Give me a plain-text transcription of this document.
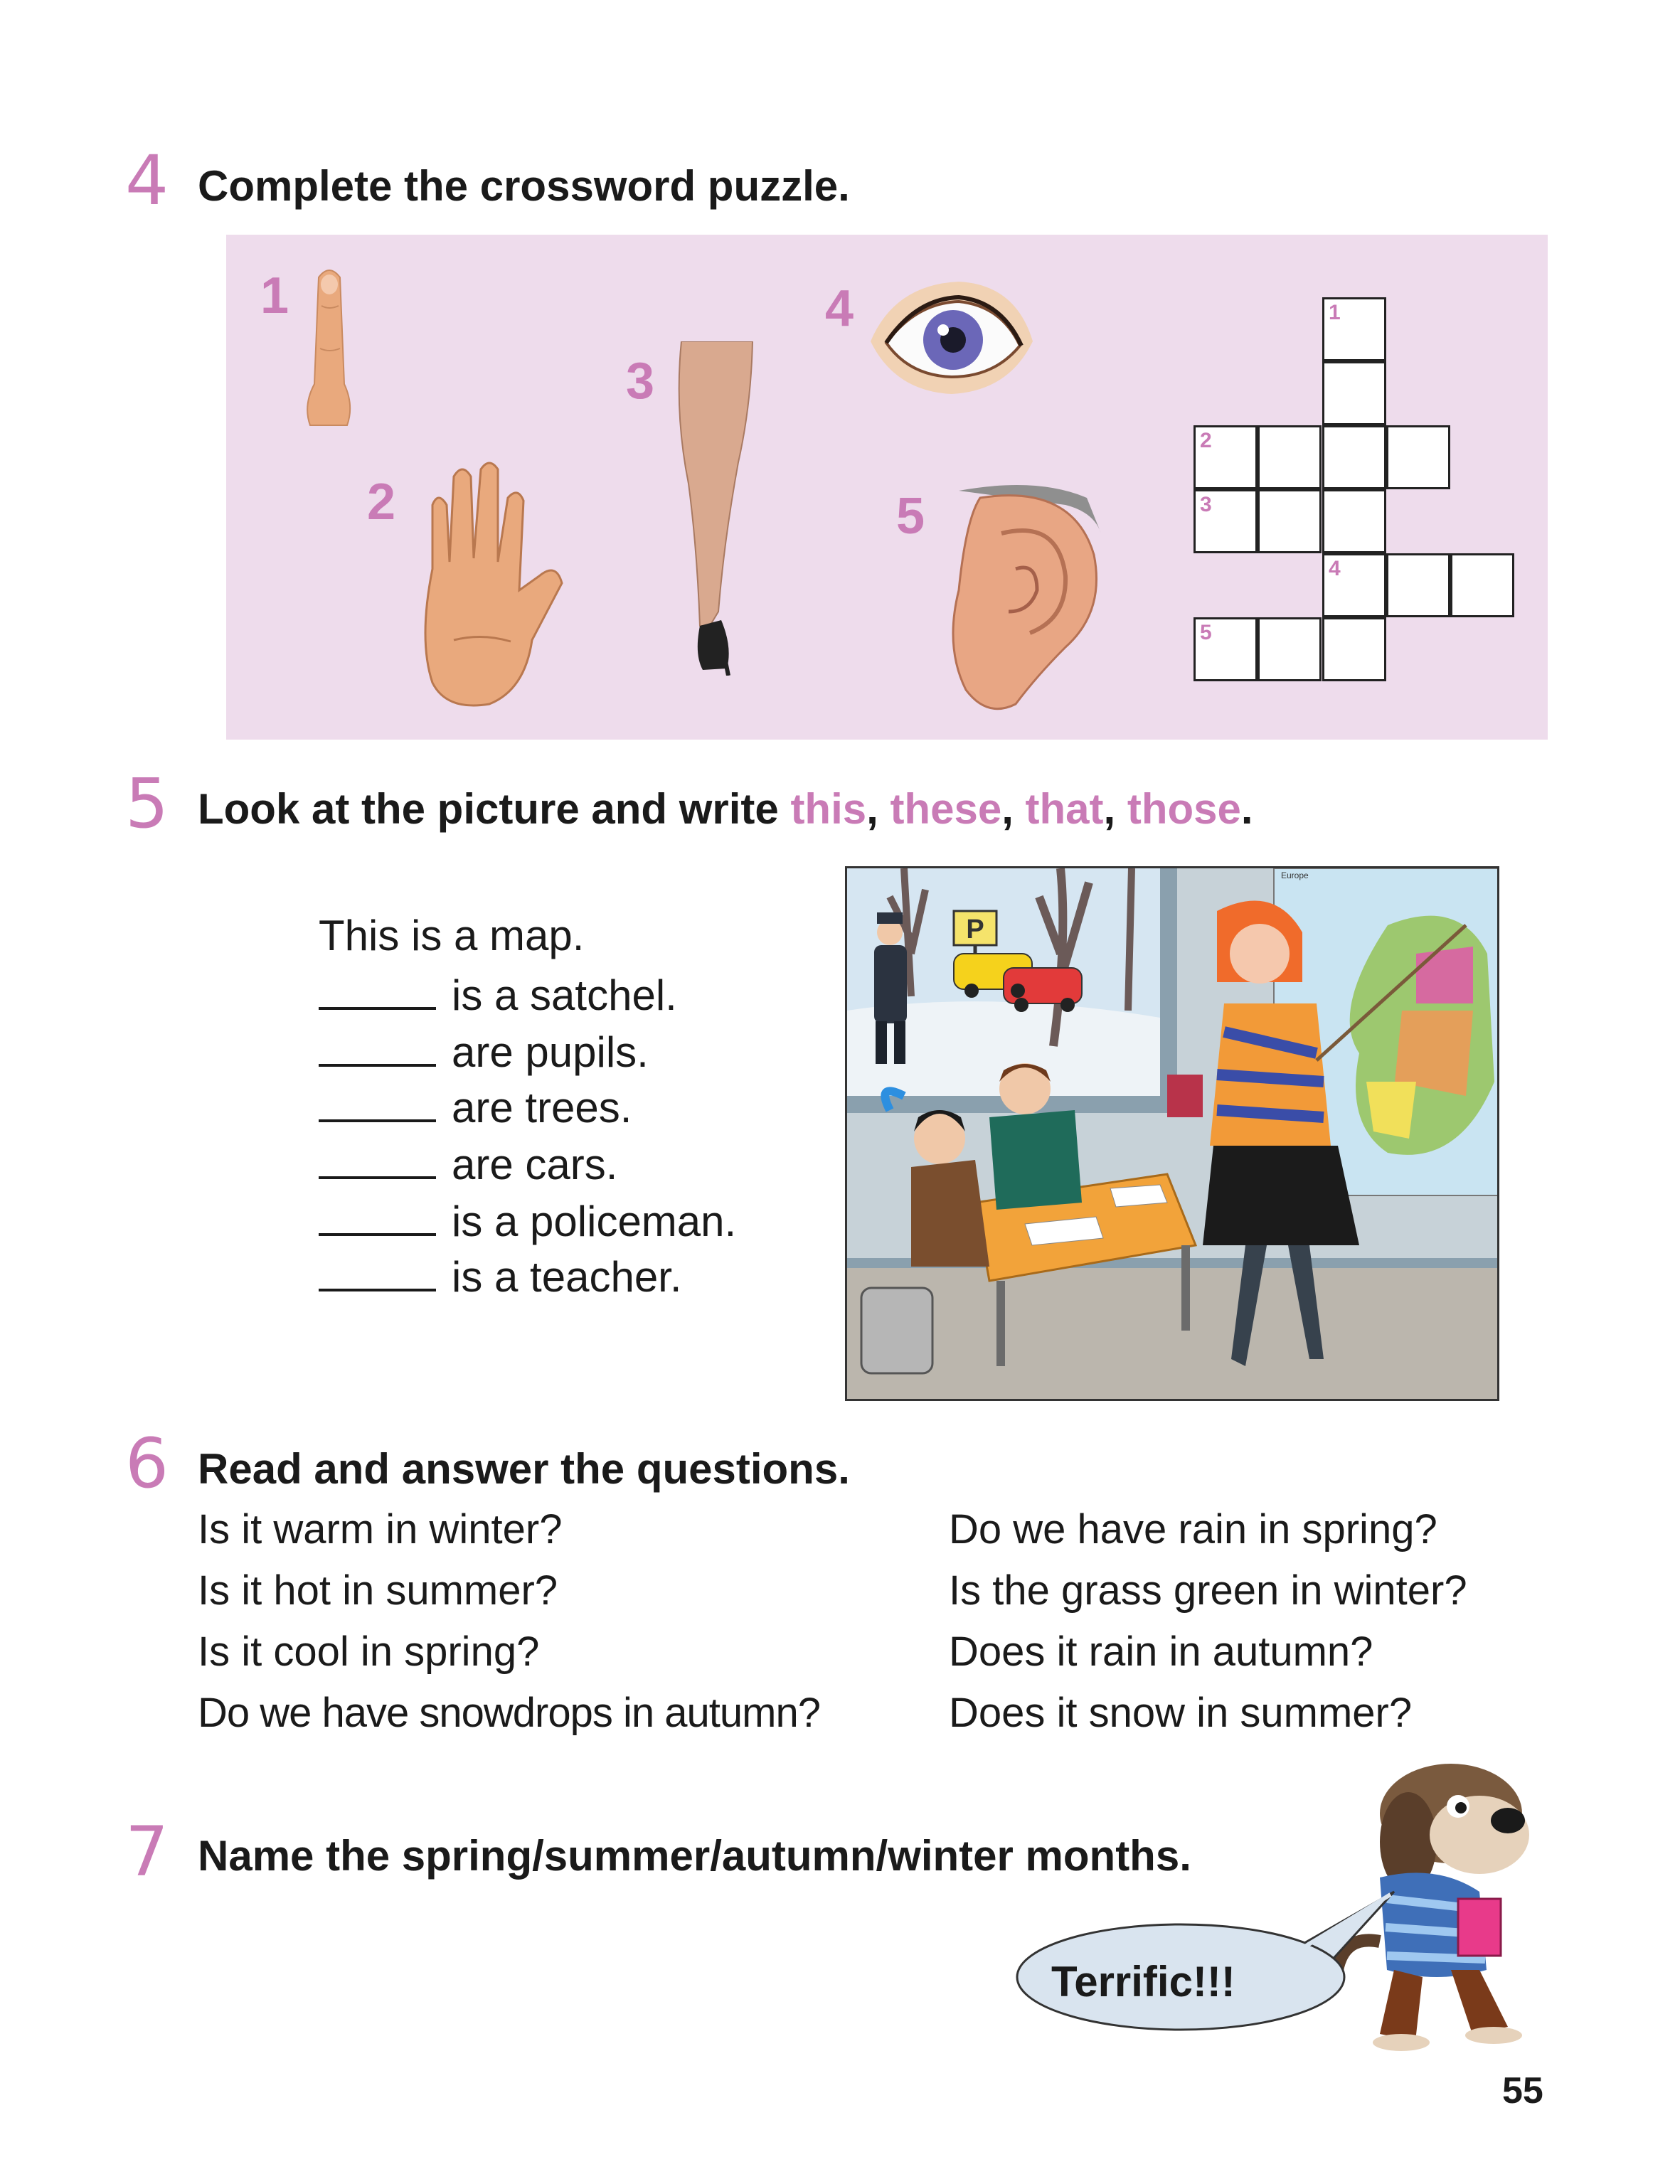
4 Complete the crossword puzzle.
1
2
3
4
5
1
2
3
4
5
5 Look at the picture and write this, these, that, those.
This is a map.
is a satchel.
are pupils.
are trees.
are cars.
is a policeman.
is a teacher.
P
Europe
6 Read and answer the questions.
Is it warm in winter?
Is it hot in summer?
Is it cool in spring?
Do we have snowdrops in autumn?
Do we have rain in spring?
Is the grass green in winter?
Does it rain in autumn?
Does it snow in summer?
7 Name the spring/summer/autumn/winter months.
Terrific!!!
55
